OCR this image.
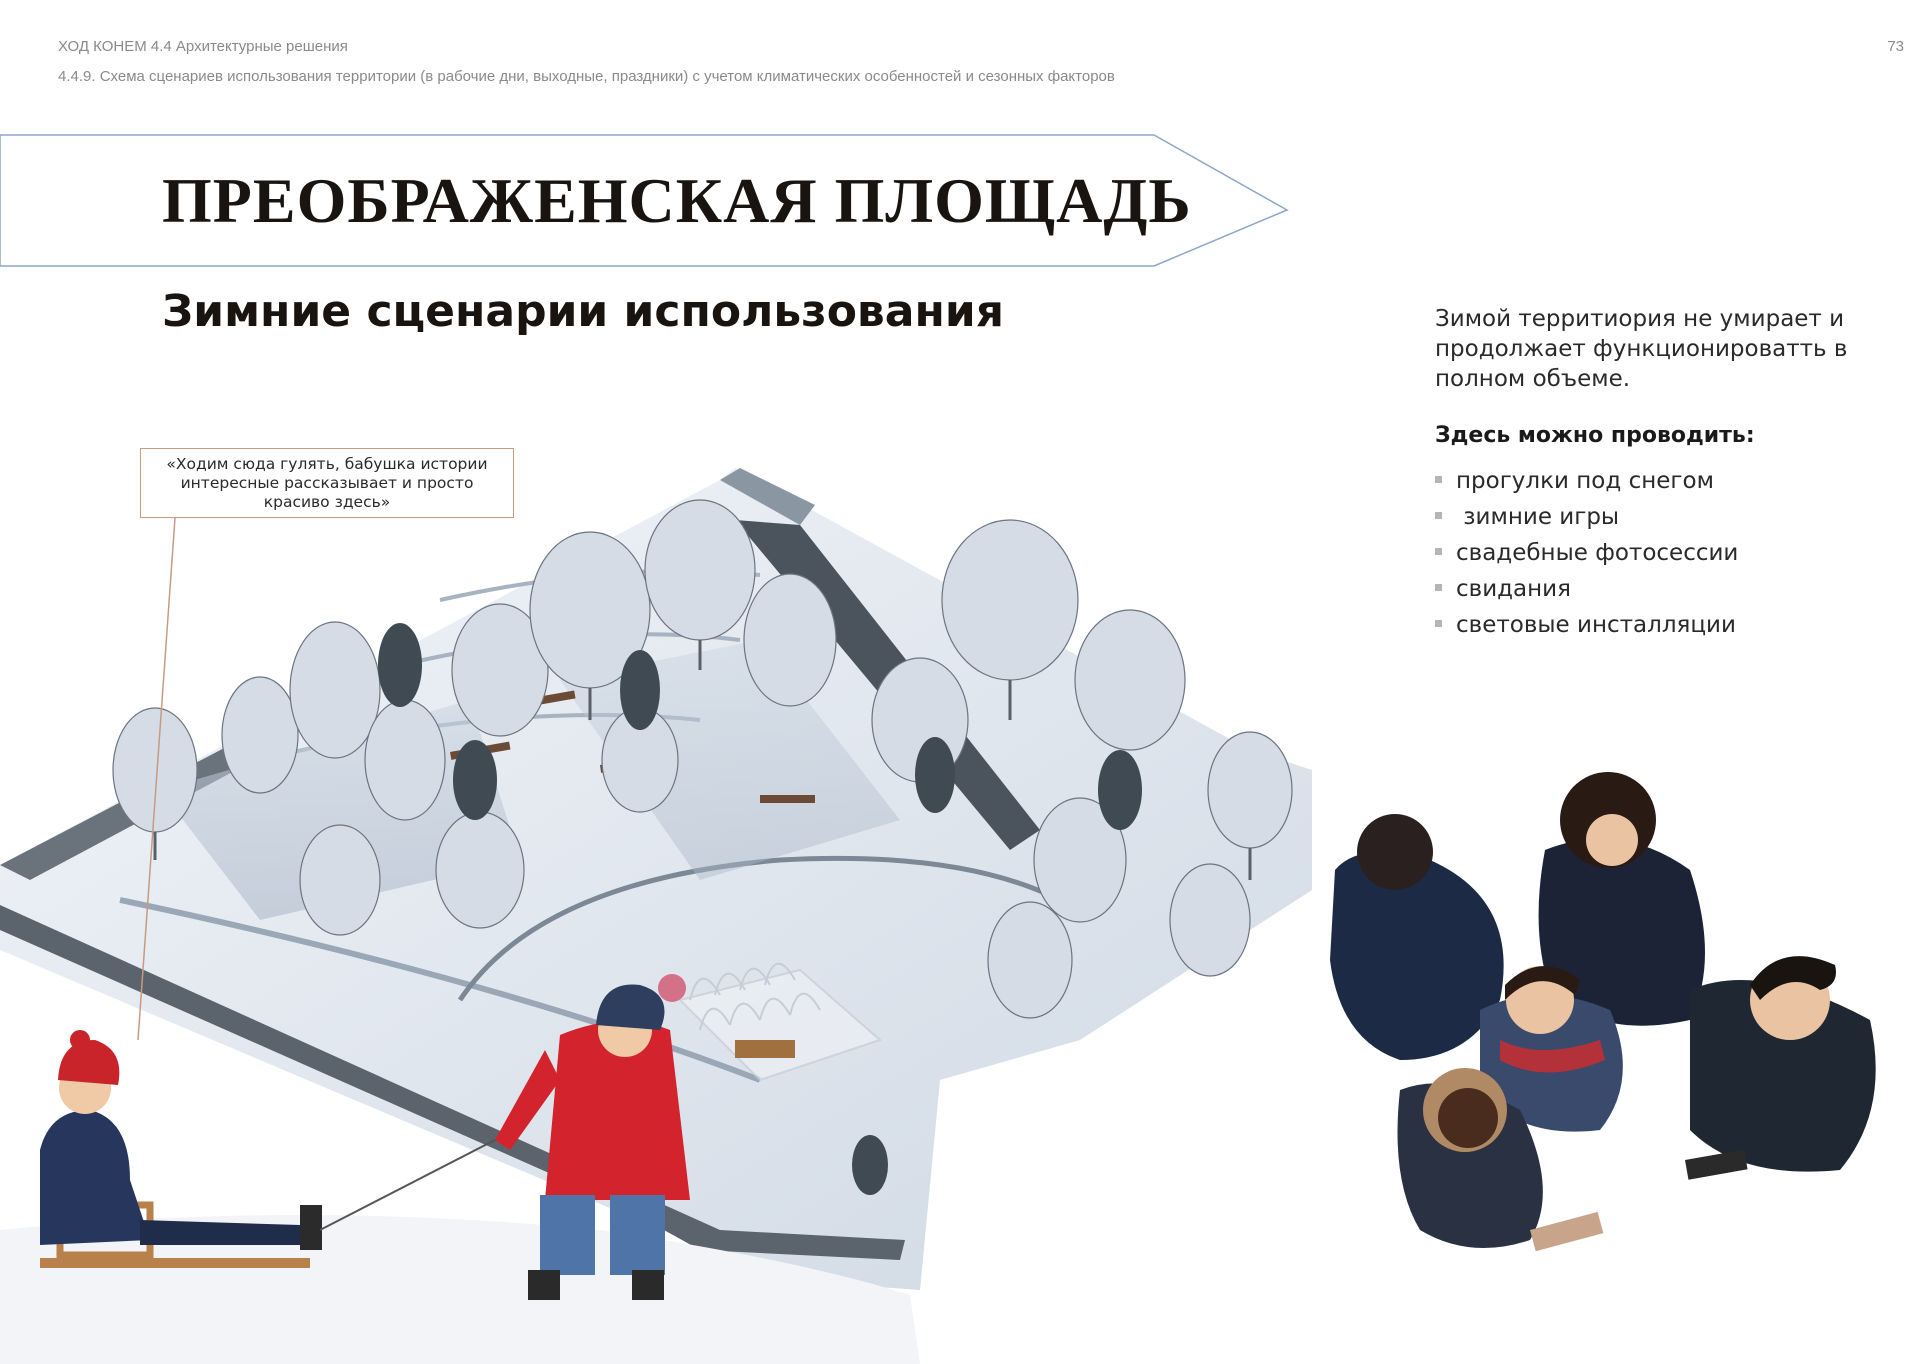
ХОД КОНЕМ 4.4 Архитектурные решения
4.4.9. Схема сценариев использования территории (в рабочие дни, выходные, праздники) с учетом климатических особенностей и сезонных факторов
73
ПРЕОБРАЖЕНСКАЯ ПЛОЩАДЬ
Зимние сценарии использования	Зимой территиория не умирает и продолжает функционироватть в полном объеме.

Здесь можно проводить:

прогулки под снегом
зимние игры
свадебные фотосессии
свидания
световые инсталляции
«Ходим сюда гулять, бабушка истории интересные рассказывает и просто красиво здесь»
